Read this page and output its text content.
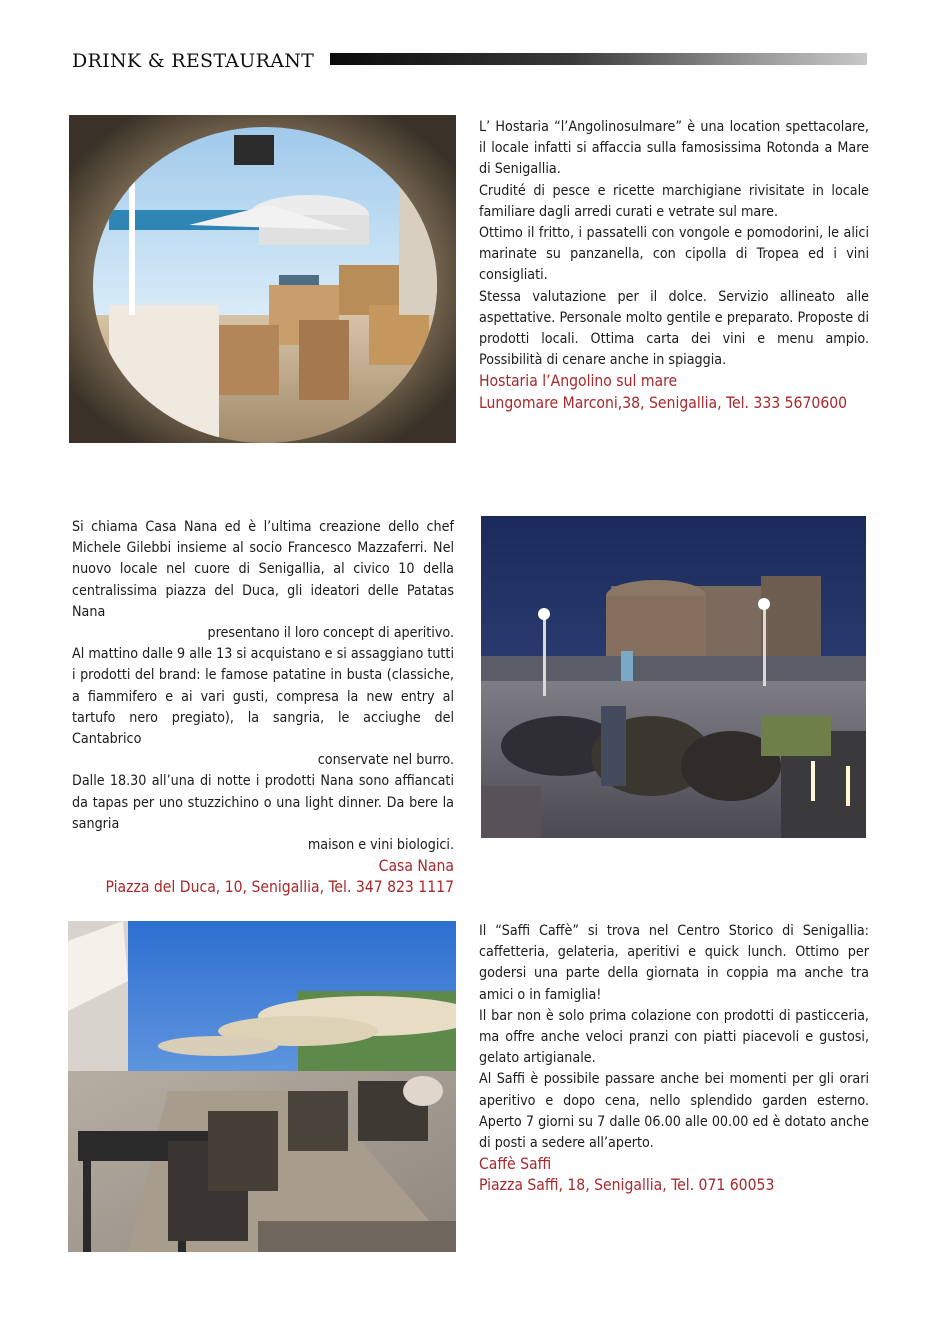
DRINK & RESTAURANT

L’ Hostaria “l’Angolinosulmare” è una location spettacolare, il locale infatti si affaccia sulla famosissima Rotonda a Mare di Senigallia.

Crudité di pesce e ricette marchigiane rivisitate in locale familiare dagli arredi curati e vetrate sul mare.

Ottimo il fritto, i passatelli con vongole e pomodorini, le alici marinate su panzanella, con cipolla di Tropea ed i vini consigliati.

Stessa valutazione per il dolce. Servizio allineato alle aspettative. Personale molto gentile e preparato. Proposte di prodotti locali. Ottima carta dei vini e menu ampio. Possibilità di cenare anche in spiaggia.

Hostaria l’Angolino sul mare

Lungomare Marconi,38, Senigallia, Tel. 333 5670600

Si chiama Casa Nana ed è l’ultima creazione dello chef Michele Gilebbi insieme al socio Francesco Mazzaferri. Nel nuovo locale nel cuore di Senigallia, al civico 10 della centralissima piazza del Duca, gli ideatori delle Patatas Nana

presentano il loro concept di aperitivo.

Al mattino dalle 9 alle 13 si acquistano e si assaggiano tutti i prodotti del brand: le famose patatine in busta (classiche, a fiammifero e ai vari gusti, compresa la new entry al tartufo nero pregiato), la sangria, le acciughe del Cantabrico

conservate nel burro.

Dalle 18.30 all’una di notte i prodotti Nana sono affiancati da tapas per uno stuzzichino o una light dinner. Da bere la sangria

maison e vini biologici.

Casa Nana

Piazza del Duca, 10, Senigallia, Tel. 347 823 1117

Il “Saffi Caffè” si trova nel Centro Storico di Senigallia: caffetteria, gelateria, aperitivi e quick lunch. Ottimo per godersi una parte della giornata in coppia ma anche tra amici o in famiglia!

Il bar non è solo prima colazione con prodotti di pasticceria, ma offre anche veloci pranzi con piatti piacevoli e gustosi, gelato artigianale.

Al Saffi è possibile passare anche bei momenti per gli orari aperitivo e dopo cena, nello splendido garden esterno. Aperto 7 giorni su 7 dalle 06.00 alle 00.00 ed è dotato anche di posti a sedere all’aperto.

Caffè Saffi

Piazza Saffi, 18, Senigallia, Tel. 071 60053
